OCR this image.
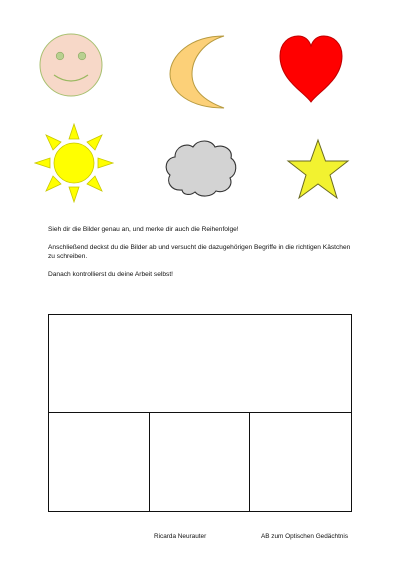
Sieh dir die Bilder genau an, und merke dir auch die Reihenfolge!

Anschließend deckst du die Bilder ab und versucht die dazugehörigen Begriffe in die richtigen Kästchen zu schreiben.

Danach kontrollierst du deine Arbeit selbst!

Ricarda Neurauter	AB zum Optischen Gedächtnis
